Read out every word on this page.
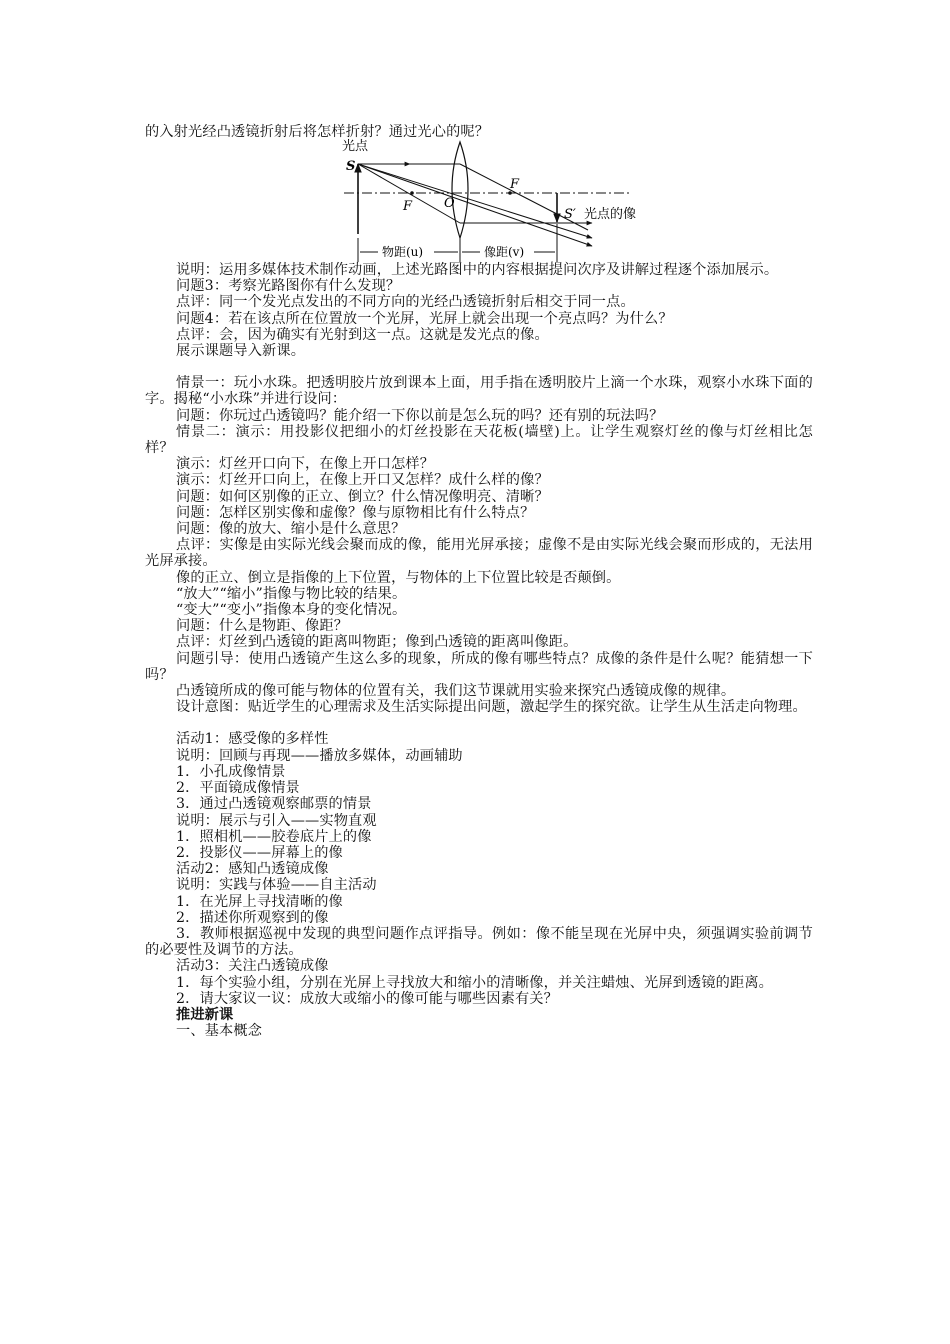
的入射光经凸透镜折射后将怎样折射？通过光心的呢？

光点
S
F O
F
S′ 光点的像
物距(u)	像距(v)

说明：运用多媒体技术制作动画，上述光路图中的内容根据提问次序及讲解过程逐个添加展示。

问题3：考察光路图你有什么发现？

点评：同一个发光点发出的不同方向的光经凸透镜折射后相交于同一点。

问题4：若在该点所在位置放一个光屏，光屏上就会出现一个亮点吗？为什么？

点评：会，因为确实有光射到这一点。这就是发光点的像。

展示课题导入新课。

情景一：玩小水珠。把透明胶片放到课本上面，用手指在透明胶片上滴一个水珠，观察小水珠下面的字。揭秘“小水珠”并进行设问：

问题：你玩过凸透镜吗？能介绍一下你以前是怎么玩的吗？还有别的玩法吗？

情景二：演示：用投影仪把细小的灯丝投影在天花板(墙壁)上。让学生观察灯丝的像与灯丝相比怎样？

演示：灯丝开口向下，在像上开口怎样？

演示：灯丝开口向上，在像上开口又怎样？成什么样的像？

问题：如何区别像的正立、倒立？什么情况像明亮、清晰？

问题：怎样区别实像和虚像？像与原物相比有什么特点？

问题：像的放大、缩小是什么意思？

点评：实像是由实际光线会聚而成的像，能用光屏承接；虚像不是由实际光线会聚而形成的，无法用光屏承接。

像的正立、倒立是指像的上下位置，与物体的上下位置比较是否颠倒。

“放大”“缩小”指像与物比较的结果。

“变大”“变小”指像本身的变化情况。

问题：什么是物距、像距？

点评：灯丝到凸透镜的距离叫物距；像到凸透镜的距离叫像距。

问题引导：使用凸透镜产生这么多的现象，所成的像有哪些特点？成像的条件是什么呢？能猜想一下吗？

凸透镜所成的像可能与物体的位置有关，我们这节课就用实验来探究凸透镜成像的规律。

设计意图：贴近学生的心理需求及生活实际提出问题，激起学生的探究欲。让学生从生活走向物理。

活动1：感受像的多样性

说明：回顾与再现——播放多媒体，动画辅助

1．小孔成像情景

2．平面镜成像情景

3．通过凸透镜观察邮票的情景

说明：展示与引入——实物直观

1．照相机——胶卷底片上的像

2．投影仪——屏幕上的像

活动2：感知凸透镜成像

说明：实践与体验——自主活动

1．在光屏上寻找清晰的像

2．描述你所观察到的像

3．教师根据巡视中发现的典型问题作点评指导。例如：像不能呈现在光屏中央，须强调实验前调节的必要性及调节的方法。

活动3：关注凸透镜成像

1．每个实验小组，分别在光屏上寻找放大和缩小的清晰像，并关注蜡烛、光屏到透镜的距离。

2．请大家议一议：成放大或缩小的像可能与哪些因素有关？

推进新课

一、基本概念
